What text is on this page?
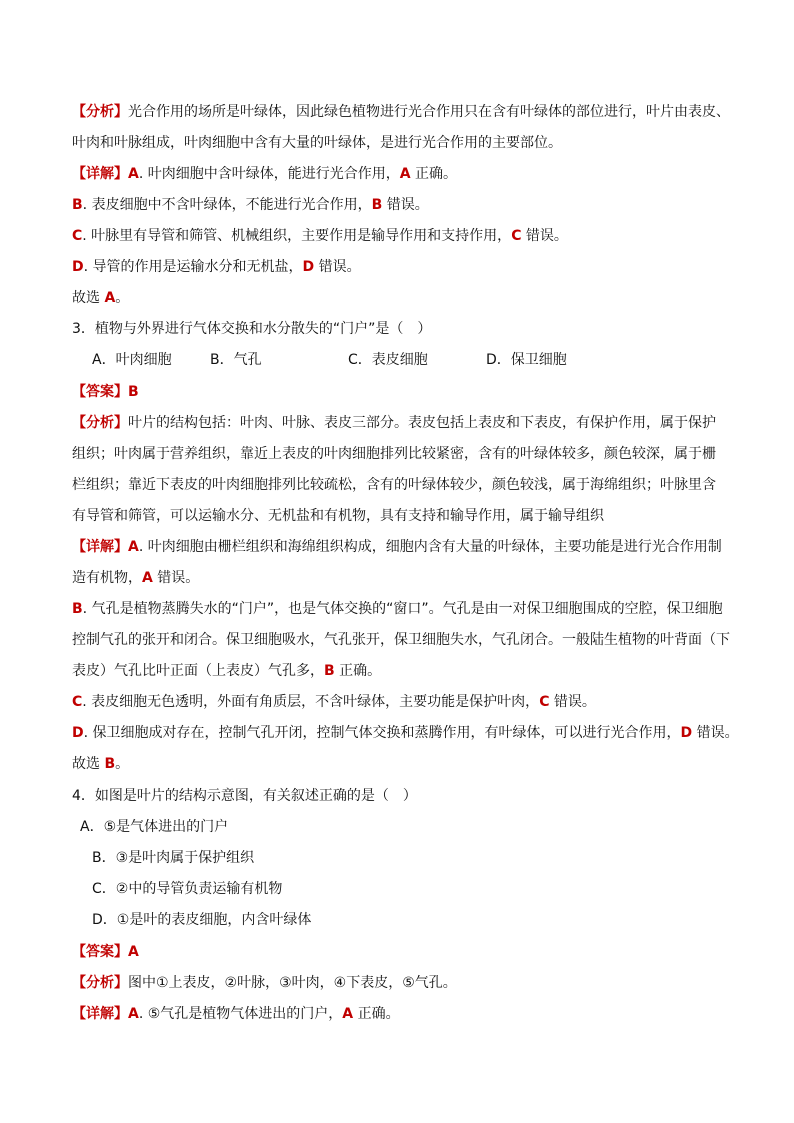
【分析】光合作用的场所是叶绿体，因此绿色植物进行光合作用只在含有叶绿体的部位进行，叶片由表皮、
叶肉和叶脉组成，叶肉细胞中含有大量的叶绿体，是进行光合作用的主要部位。
【详解】A. 叶肉细胞中含叶绿体，能进行光合作用，A 正确。
B. 表皮细胞中不含叶绿体，不能进行光合作用，B 错误。
C. 叶脉里有导管和筛管、机械组织，主要作用是输导作用和支持作用，C 错误。
D. 导管的作用是运输水分和无机盐，D 错误。
故选 A。
3．植物与外界进行气体交换和水分散失的“门户”是（　）
A．叶肉细胞	B．气孔	C．表皮细胞	D．保卫细胞
【答案】B
【分析】叶片的结构包括：叶肉、叶脉、表皮三部分。表皮包括上表皮和下表皮，有保护作用，属于保护
组织；叶肉属于营养组织，靠近上表皮的叶肉细胞排列比较紧密，含有的叶绿体较多，颜色较深，属于栅
栏组织；靠近下表皮的叶肉细胞排列比较疏松，含有的叶绿体较少，颜色较浅，属于海绵组织；叶脉里含
有导管和筛管，可以运输水分、无机盐和有机物，具有支持和输导作用，属于输导组织
【详解】A. 叶肉细胞由栅栏组织和海绵组织构成，细胞内含有大量的叶绿体，主要功能是进行光合作用制
造有机物，A 错误。
B. 气孔是植物蒸腾失水的“门户”，也是气体交换的“窗口”。气孔是由一对保卫细胞围成的空腔，保卫细胞
控制气孔的张开和闭合。保卫细胞吸水，气孔张开，保卫细胞失水，气孔闭合。一般陆生植物的叶背面（下
表皮）气孔比叶正面（上表皮）气孔多，B 正确。
C. 表皮细胞无色透明，外面有角质层，不含叶绿体，主要功能是保护叶肉，C 错误。
D. 保卫细胞成对存在，控制气孔开闭，控制气体交换和蒸腾作用，有叶绿体，可以进行光合作用，D 错误。
故选 B。
4．如图是叶片的结构示意图，有关叙述正确的是（　）
A．⑤是气体进出的门户
B．③是叶肉属于保护组织
C．②中的导管负责运输有机物
D．①是叶的表皮细胞，内含叶绿体
【答案】A
【分析】图中①上表皮，②叶脉，③叶肉，④下表皮，⑤气孔。
【详解】A. ⑤气孔是植物气体进出的门户，A 正确。
